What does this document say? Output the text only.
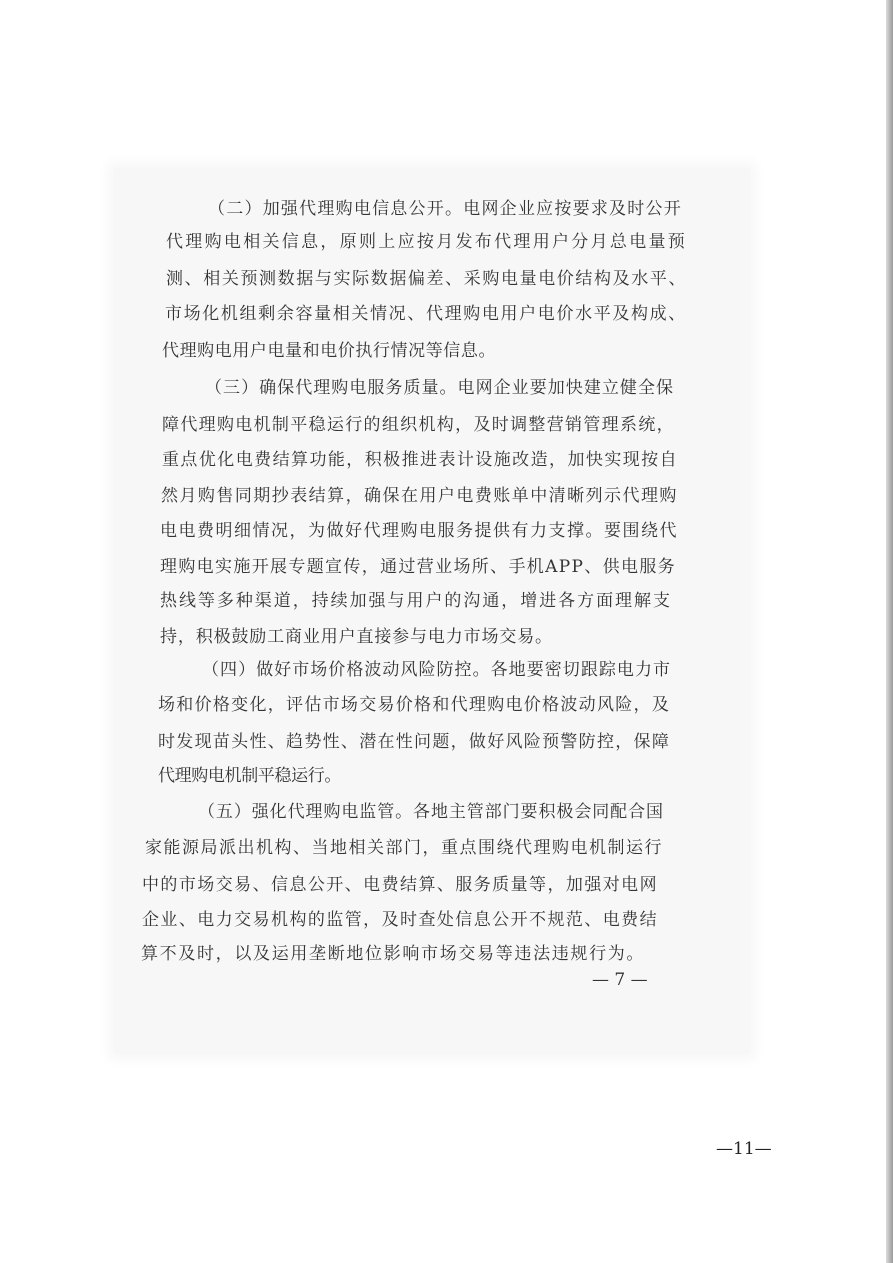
（二）加强代理购电信息公开。电网企业应按要求及时公开
代理购电相关信息，原则上应按月发布代理用户分月总电量预
测、相关预测数据与实际数据偏差、采购电量电价结构及水平、
市场化机组剩余容量相关情况、代理购电用户电价水平及构成、
代理购电用户电量和电价执行情况等信息。
（三）确保代理购电服务质量。电网企业要加快建立健全保
障代理购电机制平稳运行的组织机构，及时调整营销管理系统，
重点优化电费结算功能，积极推进表计设施改造，加快实现按自
然月购售同期抄表结算，确保在用户电费账单中清晰列示代理购
电电费明细情况，为做好代理购电服务提供有力支撑。要围绕代
理购电实施开展专题宣传，通过营业场所、手机APP、供电服务
热线等多种渠道，持续加强与用户的沟通，增进各方面理解支
持，积极鼓励工商业用户直接参与电力市场交易。
（四）做好市场价格波动风险防控。各地要密切跟踪电力市
场和价格变化，评估市场交易价格和代理购电价格波动风险，及
时发现苗头性、趋势性、潜在性问题，做好风险预警防控，保障
代理购电机制平稳运行。
（五）强化代理购电监管。各地主管部门要积极会同配合国
家能源局派出机构、当地相关部门，重点围绕代理购电机制运行
中的市场交易、信息公开、电费结算、服务质量等，加强对电网
企业、电力交易机构的监管，及时查处信息公开不规范、电费结
算不及时，以及运用垄断地位影响市场交易等违法违规行为。
— 7 —
—11—
